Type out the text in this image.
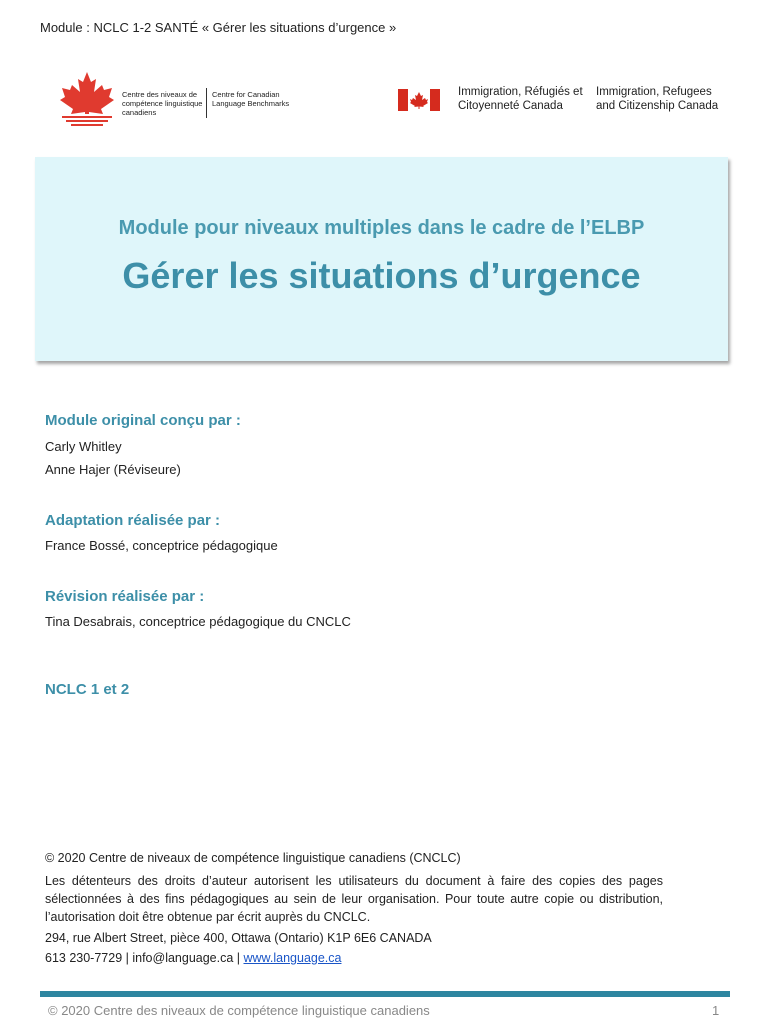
Module : NCLC 1-2 SANTÉ « Gérer les situations d’urgence »
Centre des niveaux de compétence linguistique canadiens
Centre for Canadian Language Benchmarks
Immigration, Réfugiés et Citoyenneté Canada
Immigration, Refugees and Citizenship Canada
Module pour niveaux multiples dans le cadre de l’ELBP
Gérer les situations d’urgence
Module original conçu par :
Carly Whitley
Anne Hajer (Réviseure)
Adaptation réalisée par :
France Bossé, conceptrice pédagogique
Révision réalisée par :
Tina Desabrais, conceptrice pédagogique du CNCLC
NCLC 1 et 2
© 2020 Centre de niveaux de compétence linguistique canadiens (CNCLC)
Les détenteurs des droits d’auteur autorisent les utilisateurs du document à faire des copies des pages sélectionnées à des fins pédagogiques au sein de leur organisation. Pour toute autre copie ou distribution, l’autorisation doit être obtenue par écrit auprès du CNCLC.
294, rue Albert Street, pièce 400, Ottawa (Ontario) K1P 6E6 CANADA
613 230-7729 | info@language.ca | www.language.ca
© 2020 Centre des niveaux de compétence linguistique canadiens	1
